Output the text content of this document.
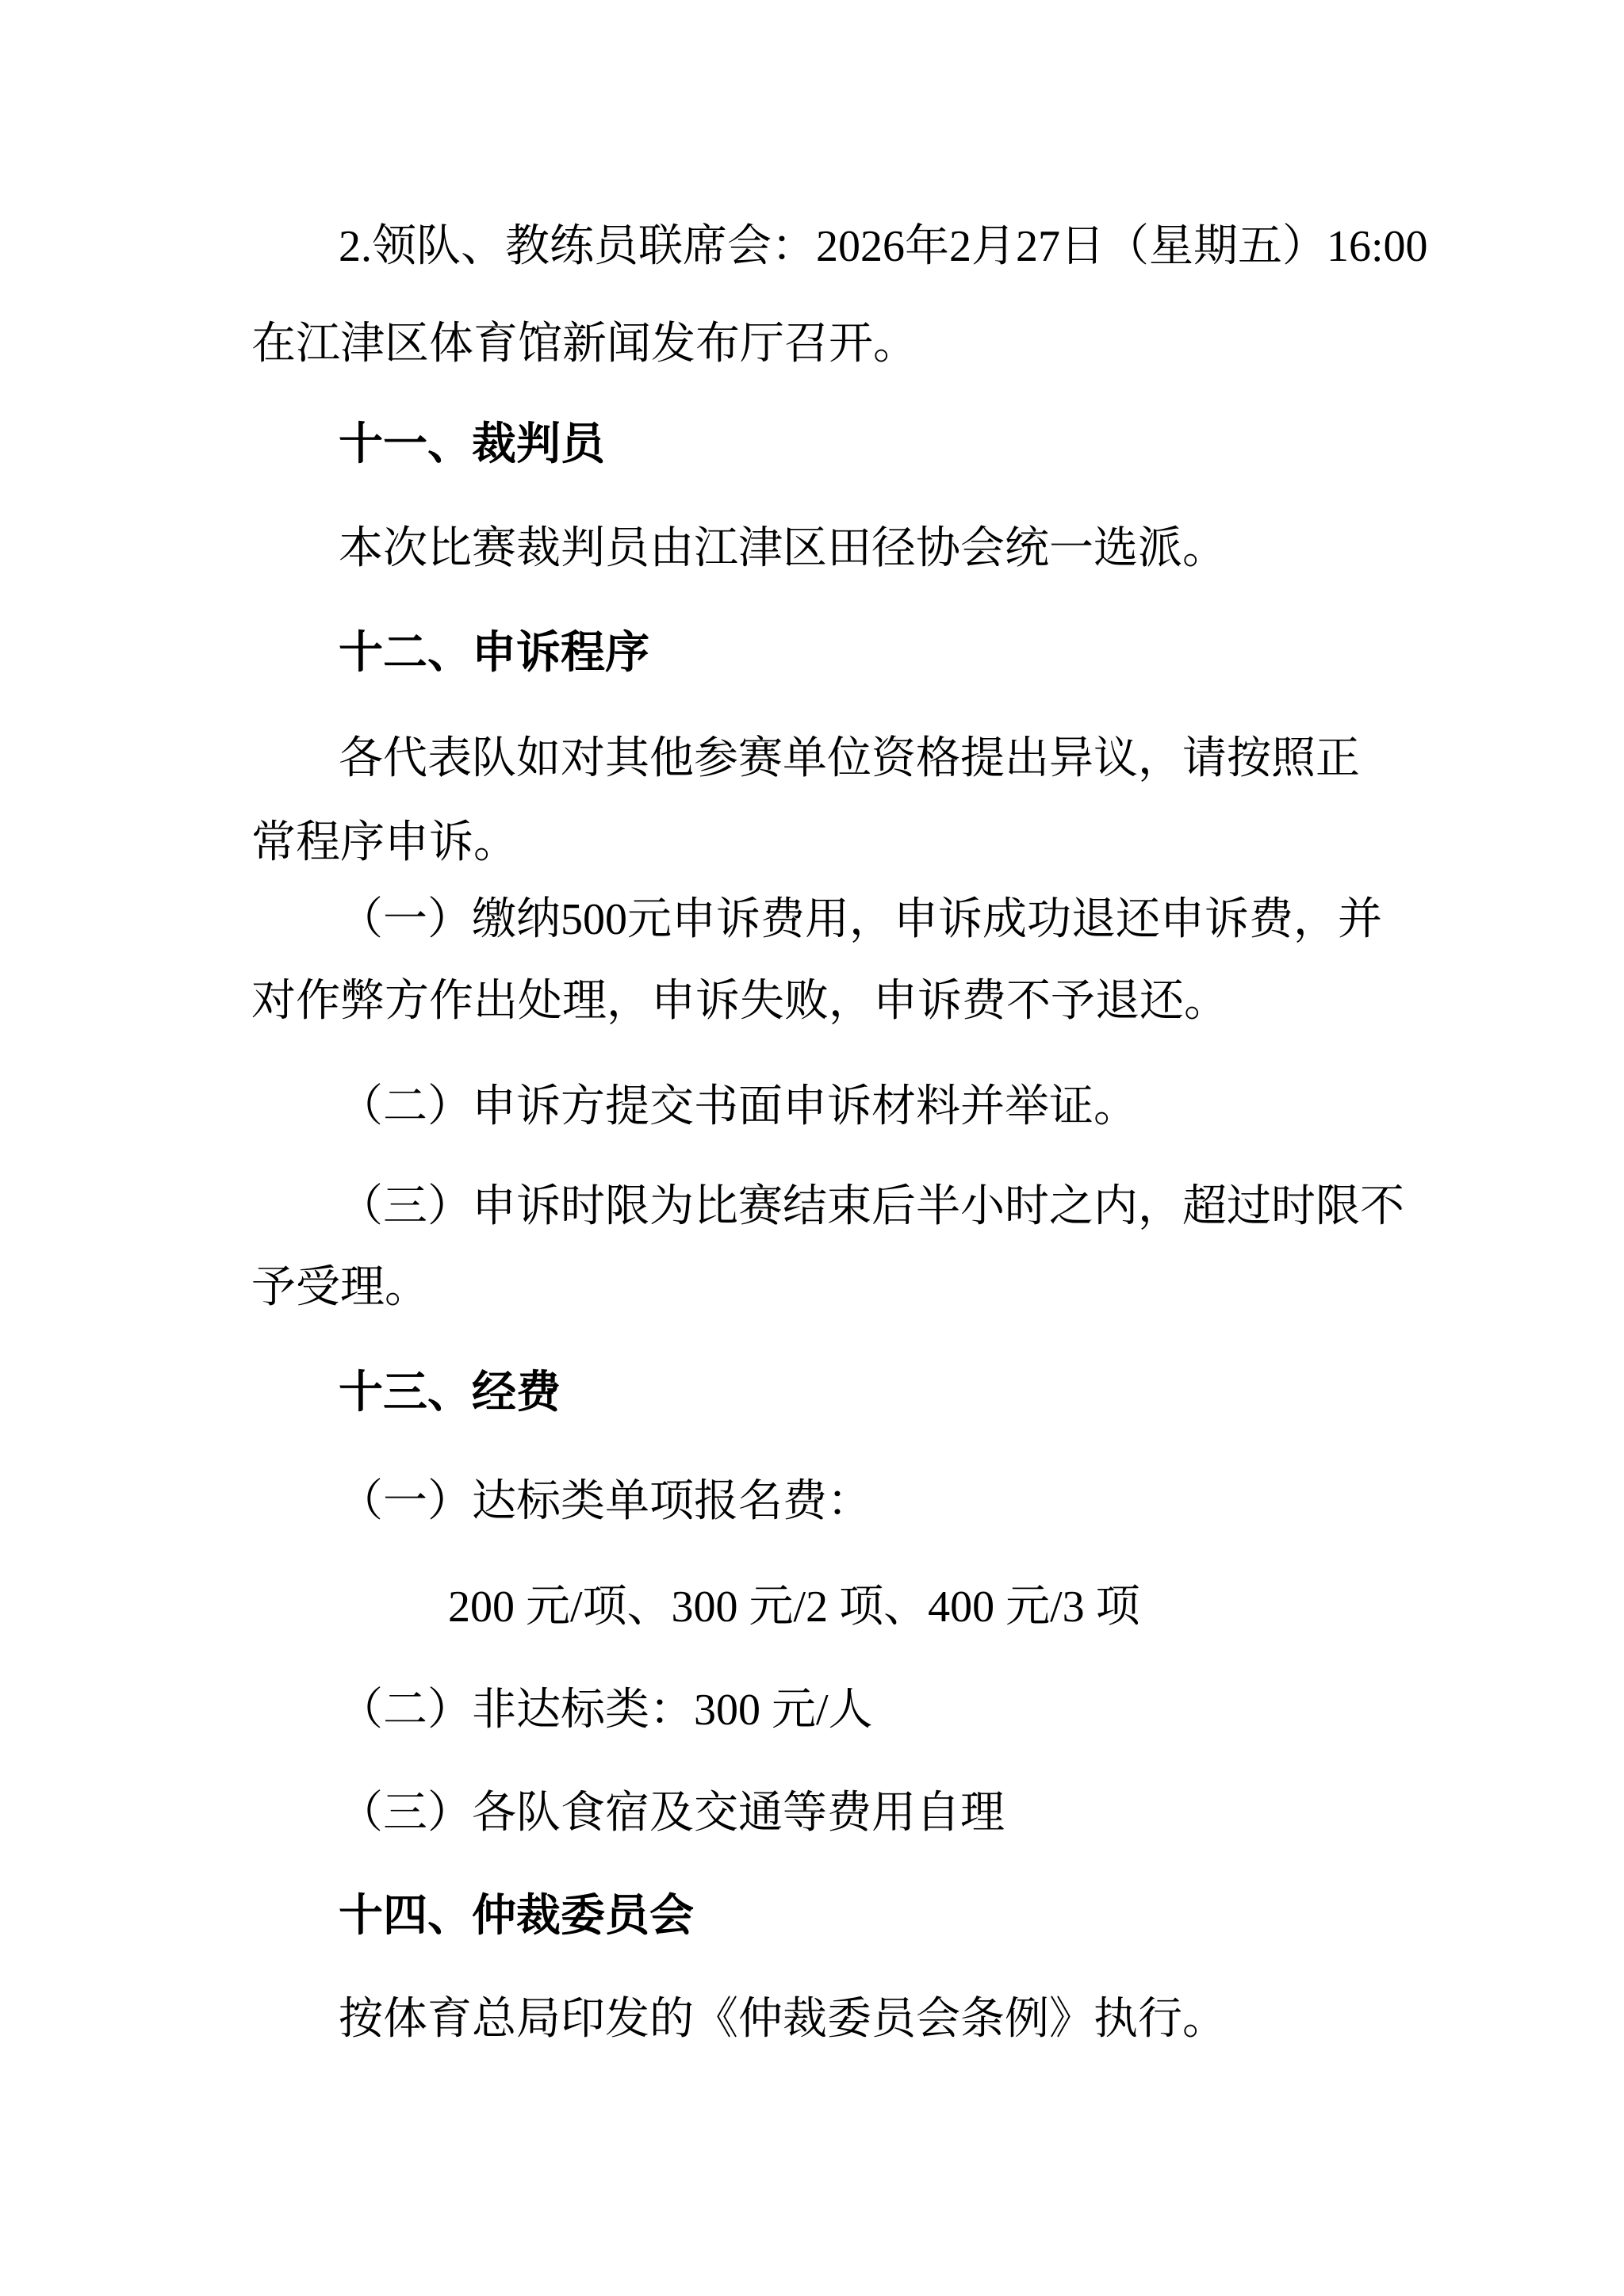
2.领队、教练员联席会：2026年2月27日（星期五）16:00
在江津区体育馆新闻发布厅召开。
十一、裁判员
本次比赛裁判员由江津区田径协会统一选派。
十二、申诉程序
各代表队如对其他参赛单位资格提出异议，请按照正
常程序申诉。
（一）缴纳500元申诉费用，申诉成功退还申诉费，并
对作弊方作出处理，申诉失败，申诉费不予退还。
（二）申诉方提交书面申诉材料并举证。
（三）申诉时限为比赛结束后半小时之内，超过时限不
予受理。
十三、经费
（一）达标类单项报名费：
200 元/项、300 元/2 项、400 元/3 项
（二）非达标类：300 元/人
（三）各队食宿及交通等费用自理
十四、仲裁委员会
按体育总局印发的《仲裁委员会条例》执行。
